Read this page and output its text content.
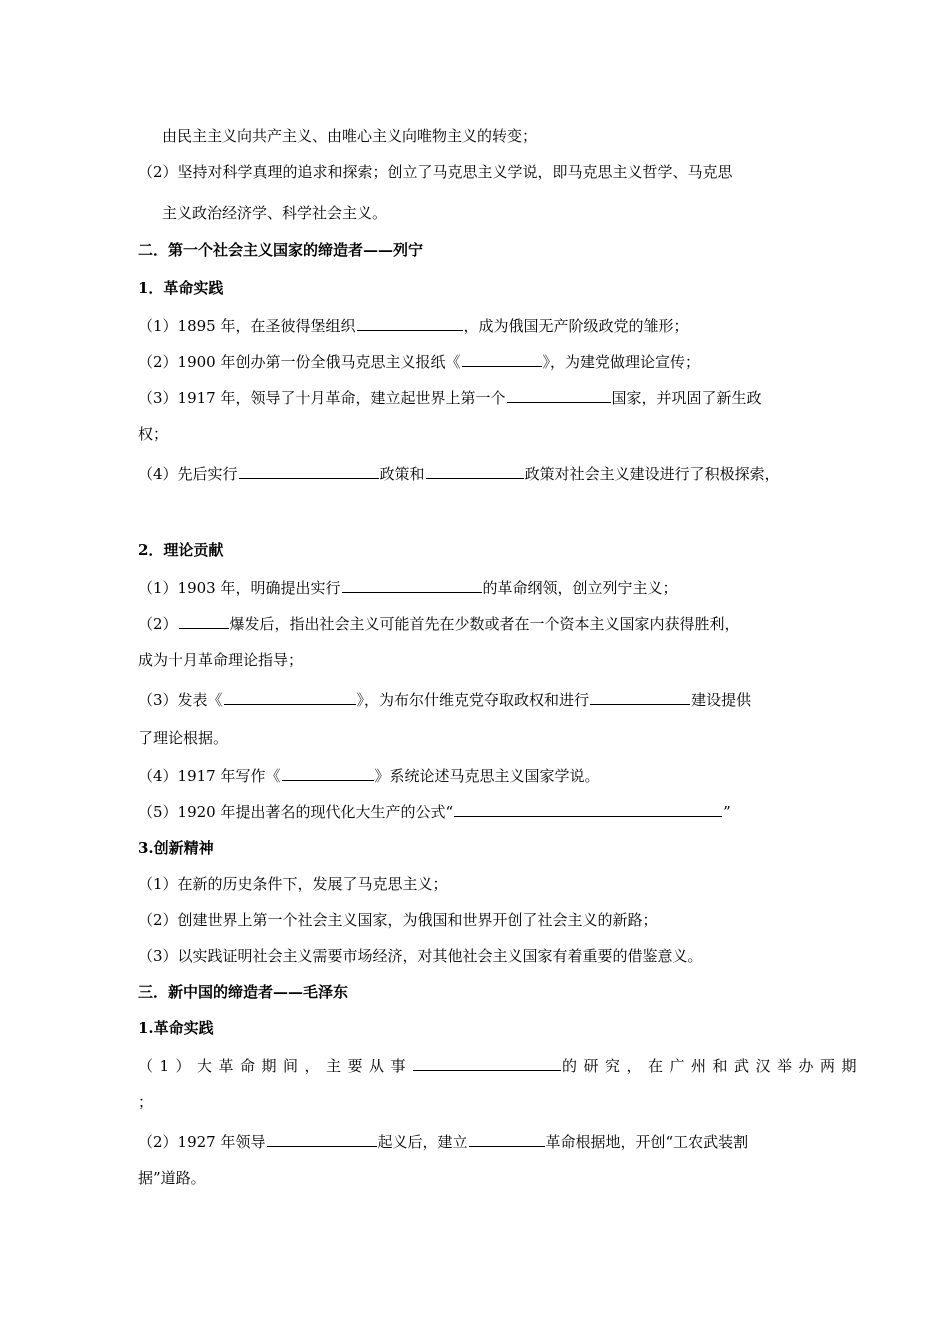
由民主主义向共产主义、由唯心主义向唯物主义的转变；
（2）坚持对科学真理的追求和探索；创立了马克思主义学说，即马克思主义哲学、马克思
主义政治经济学、科学社会主义。
二．第一个社会主义国家的缔造者——列宁
1．革命实践
（1）1895 年，在圣彼得堡组织	，成为俄国无产阶级政党的雏形；
（2）1900 年创办第一份全俄马克思主义报纸《	》，为建党做理论宣传；
（3）1917 年，领导了十月革命，建立起世界上第一个	国家，并巩固了新生政
权；
（4）先后实行	政策和	政策对社会主义建设进行了积极探索，
2．理论贡献
（1）1903 年，明确提出实行	的革命纲领，创立列宁主义；
（2）	爆发后，指出社会主义可能首先在少数或者在一个资本主义国家内获得胜利，
成为十月革命理论指导；
（3）发表《	》，为布尔什维克党夺取政权和进行	建设提供
了理论根据。
（4）1917 年写作《	》系统论述马克思主义国家学说。
（5）1920 年提出著名的现代化大生产的公式“	”
3.创新精神
（1）在新的历史条件下，发展了马克思主义；
（2）创建世界上第一个社会主义国家，为俄国和世界开创了社会主义的新路；
（3）以实践证明社会主义需要市场经济，对其他社会主义国家有着重要的借鉴意义。
三．新中国的缔造者——毛泽东
1.革命实践
（1）大革命期间，主要从事	的研究，在广州和武汉举办两期
；
（2）1927 年领导	起义后，建立	革命根据地，开创“工农武装割
据”道路。
